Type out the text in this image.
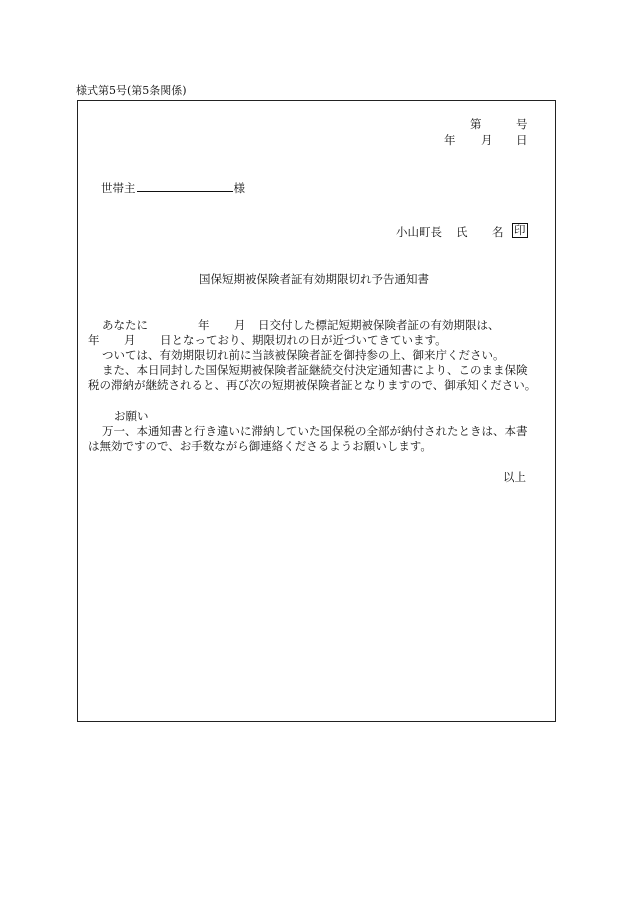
様式第5号(第5条関係)
第	号
年 月 日
世帯主	様
小山町長 氏 名 印
国保短期被保険者証有効期限切れ予告通知書
あなたに	年 月 日交付した標記短期被保険者証の有効期限は、
年 月 日となっており、期限切れの日が近づいてきています。
ついては、有効期限切れ前に当該被保険者証を御持参の上、御来庁ください。
また、本日同封した国保短期被保険者証継続交付決定通知書により、このまま保険
税の滞納が継続されると、再び次の短期被保険者証となりますので、御承知ください。
お願い
万一、本通知書と行き違いに滞納していた国保税の全部が納付されたときは、本書
は無効ですので、お手数ながら御連絡くださるようお願いします。
以上
